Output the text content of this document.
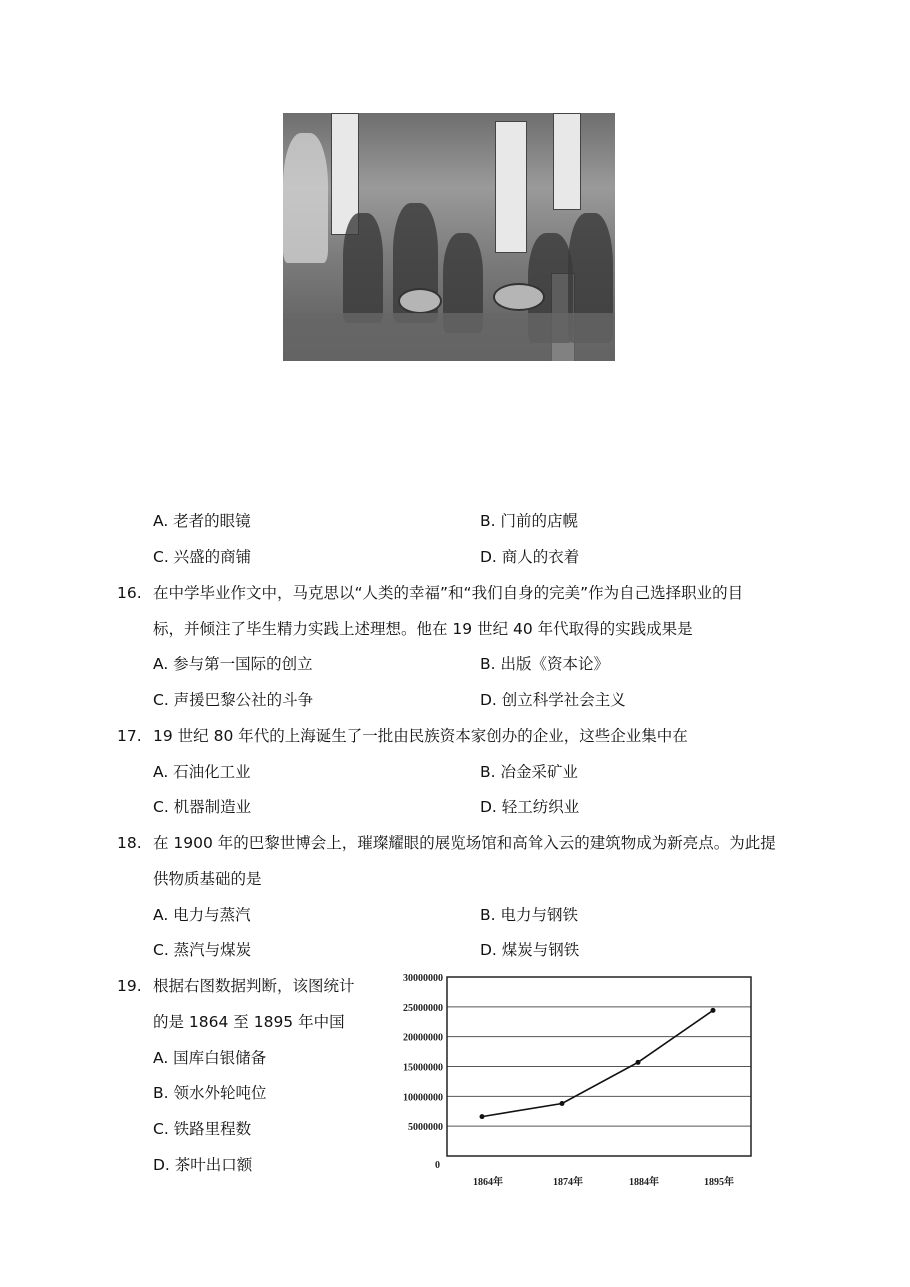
A. 老者的眼镜	B. 门前的店幌
C. 兴盛的商铺	D. 商人的衣着
16. 在中学毕业作文中，马克思以“人类的幸福”和“我们自身的完美”作为自己选择职业的目
标，并倾注了毕生精力实践上述理想。他在 19 世纪 40 年代取得的实践成果是
A. 参与第一国际的创立	B. 出版《资本论》
C. 声援巴黎公社的斗争	D. 创立科学社会主义
17. 19 世纪 80 年代的上海诞生了一批由民族资本家创办的企业，这些企业集中在
A. 石油化工业	B. 冶金采矿业
C. 机器制造业	D. 轻工纺织业
18. 在 1900 年的巴黎世博会上，璀璨耀眼的展览场馆和高耸入云的建筑物成为新亮点。为此提
供物质基础的是
A. 电力与蒸汽	B. 电力与钢铁
C. 蒸汽与煤炭	D. 煤炭与钢铁
19. 根据右图数据判断，该图统计
的是 1864 至 1895 年中国
A. 国库白银储备
B. 领水外轮吨位
C. 铁路里程数
D. 茶叶出口额	0
5000000
10000000
15000000
20000000
25000000
30000000
1864年	1874年	1884年	1895年
